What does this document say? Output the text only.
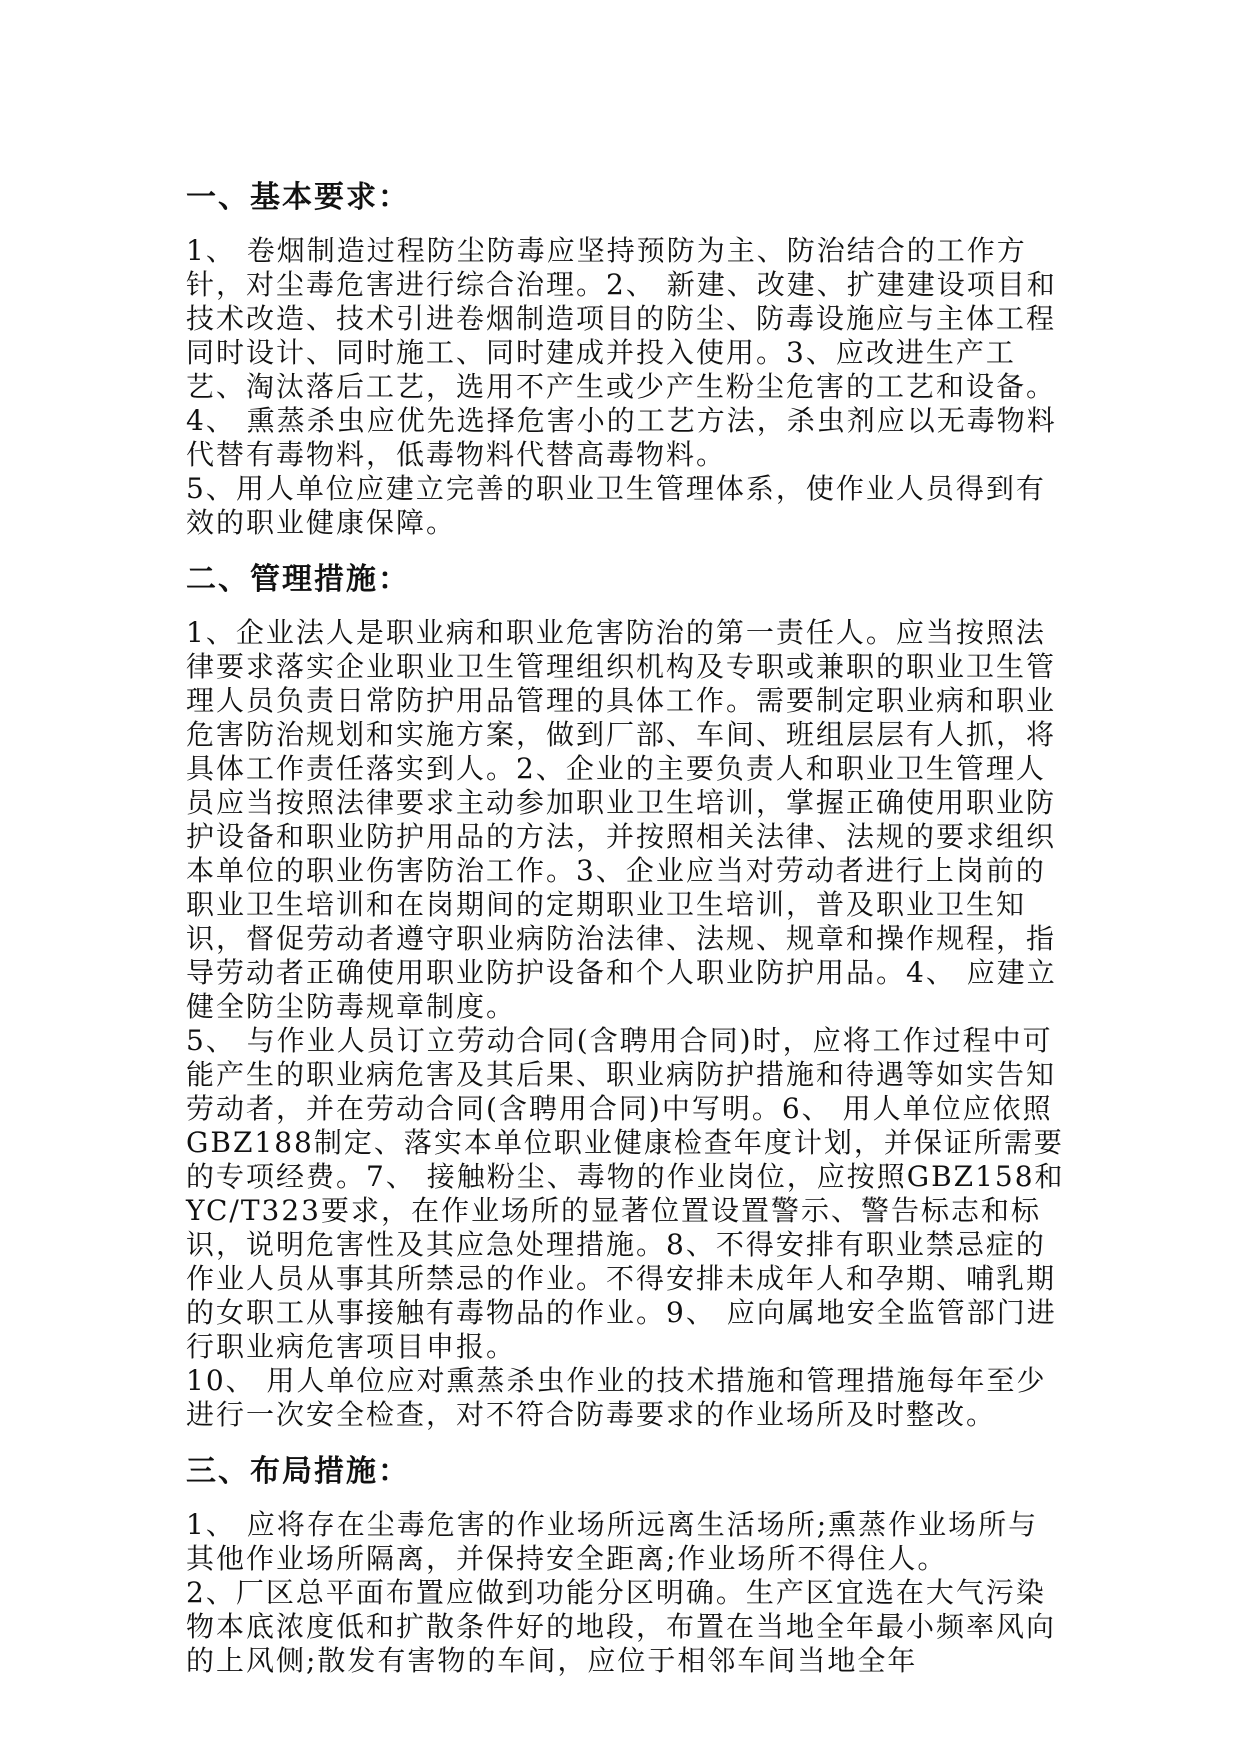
一、基本要求：

1、 卷烟制造过程防尘防毒应坚持预防为主、防治结合的工作方针，对尘毒危害进行综合治理。2、 新建、改建、扩建建设项目和技术改造、技术引进卷烟制造项目的防尘、防毒设施应与主体工程同时设计、同时施工、同时建成并投入使用。3、应改进生产工艺、淘汰落后工艺，选用不产生或少产生粉尘危害的工艺和设备。4、 熏蒸杀虫应优先选择危害小的工艺方法，杀虫剂应以无毒物料代替有毒物料，低毒物料代替高毒物料。

5、用人单位应建立完善的职业卫生管理体系，使作业人员得到有效的职业健康保障。

二、管理措施：

1、企业法人是职业病和职业危害防治的第一责任人。应当按照法律要求落实企业职业卫生管理组织机构及专职或兼职的职业卫生管理人员负责日常防护用品管理的具体工作。需要制定职业病和职业危害防治规划和实施方案，做到厂部、车间、班组层层有人抓，将具体工作责任落实到人。2、企业的主要负责人和职业卫生管理人员应当按照法律要求主动参加职业卫生培训，掌握正确使用职业防护设备和职业防护用品的方法，并按照相关法律、法规的要求组织本单位的职业伤害防治工作。3、企业应当对劳动者进行上岗前的职业卫生培训和在岗期间的定期职业卫生培训，普及职业卫生知识，督促劳动者遵守职业病防治法律、法规、规章和操作规程，指导劳动者正确使用职业防护设备和个人职业防护用品。4、 应建立健全防尘防毒规章制度。

5、 与作业人员订立劳动合同(含聘用合同)时，应将工作过程中可能产生的职业病危害及其后果、职业病防护措施和待遇等如实告知劳动者，并在劳动合同(含聘用合同)中写明。6、 用人单位应依照GBZ188制定、落实本单位职业健康检查年度计划，并保证所需要的专项经费。7、 接触粉尘、毒物的作业岗位，应按照GBZ158和YC/T323要求，在作业场所的显著位置设置警示、警告标志和标识，说明危害性及其应急处理措施。8、不得安排有职业禁忌症的作业人员从事其所禁忌的作业。不得安排未成年人和孕期、哺乳期的女职工从事接触有毒物品的作业。9、 应向属地安全监管部门进行职业病危害项目申报。

10、 用人单位应对熏蒸杀虫作业的技术措施和管理措施每年至少进行一次安全检查，对不符合防毒要求的作业场所及时整改。

三、布局措施：

1、 应将存在尘毒危害的作业场所远离生活场所;熏蒸作业场所与其他作业场所隔离，并保持安全距离;作业场所不得住人。

2、厂区总平面布置应做到功能分区明确。生产区宜选在大气污染物本底浓度低和扩散条件好的地段，布置在当地全年最小频率风向的上风侧;散发有害物的车间，应位于相邻车间当地全年
